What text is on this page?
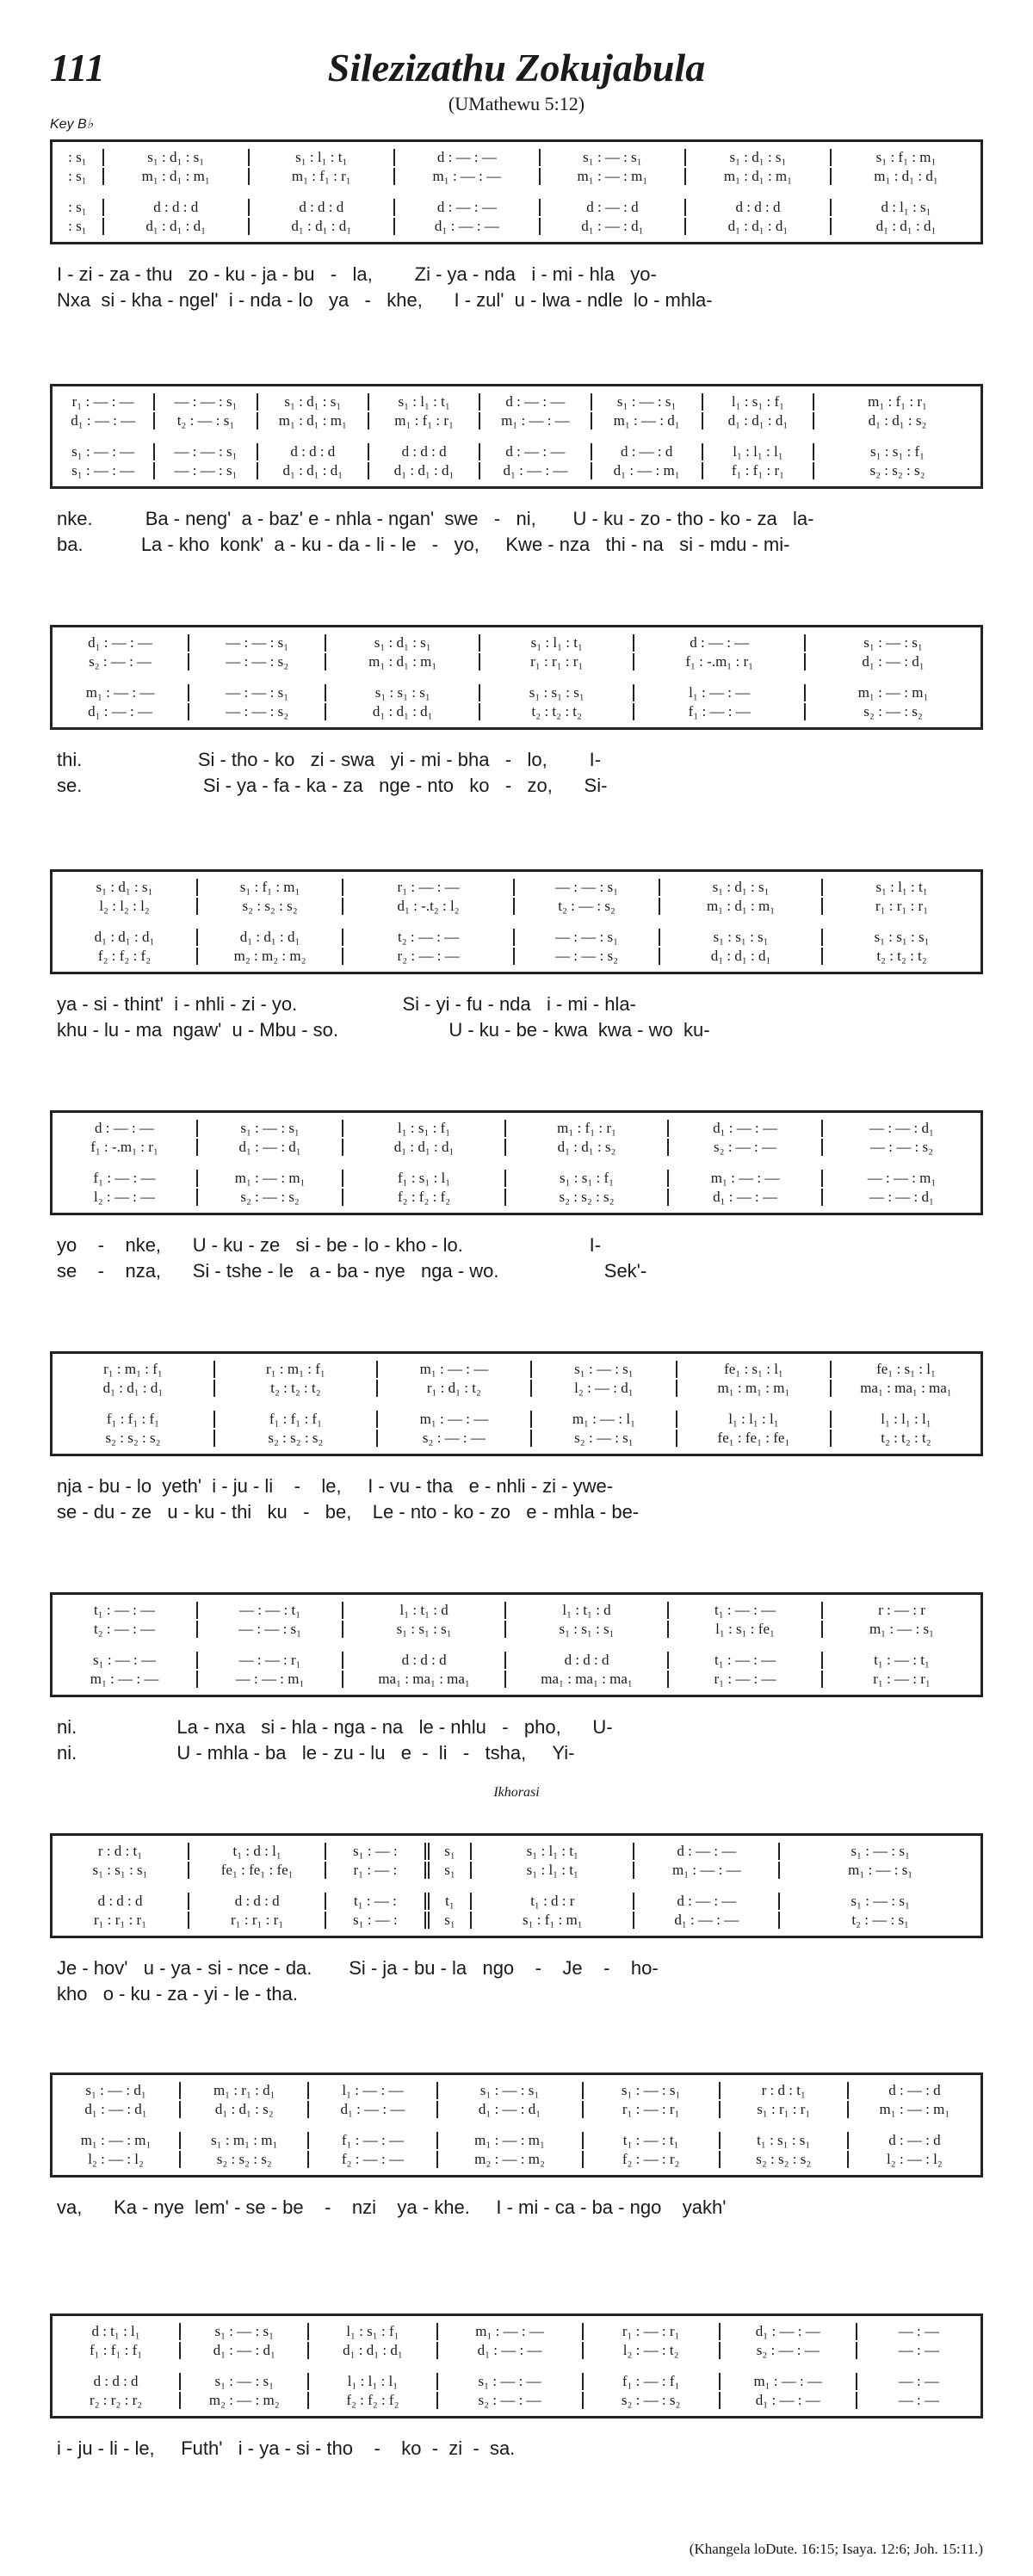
111	Silezizathu Zokujabula
(UMathewu 5:12)
Key B♭
: s₁	s₁ : d₁ : s₁	s₁ : l₁ : t₁	d : — : —	s₁ : — : s₁	s₁ : d₁ : s₁	s₁ : f₁ : m₁
: s₁	m₁ : d₁ : m₁	m₁ : f₁ : r₁	m₁ : — : —	m₁ : — : m₁	m₁ : d₁ : m₁	m₁ : d₁ : d₁
: s₁	d : d : d	d : d : d	d : — : —	d : — : d	d : d : d	d : l₁ : s₁
: s₁	d₁ : d₁ : d₁	d₁ : d₁ : d₁	d₁ : — : —	d₁ : — : d₁	d₁ : d₁ : d₁	d₁ : d₁ : d₁
I - zi - za - thu   zo - ku - ja - bu   -   la,        Zi - ya - nda   i - mi - hla   yo-
Nxa  si - kha - ngel'  i - nda - lo   ya   -   khe,      I - zul'  u - lwa - ndle  lo - mhla-
r₁ : — : —	— : — : s₁	s₁ : d₁ : s₁	s₁ : l₁ : t₁	d : — : —	s₁ : — : s₁	l₁ : s₁ : f₁	m₁ : f₁ : r₁
d₁ : — : —	t₂ : — : s₁	m₁ : d₁ : m₁	m₁ : f₁ : r₁	m₁ : — : —	m₁ : — : d₁	d₁ : d₁ : d₁	d₁ : d₁ : s₂
s₁ : — : —	— : — : s₁	d : d : d	d : d : d	d : — : —	d : — : d	l₁ : l₁ : l₁	s₁ : s₁ : f₁
s₁ : — : —	— : — : s₁	d₁ : d₁ : d₁	d₁ : d₁ : d₁	d₁ : — : —	d₁ : — : m₁	f₁ : f₁ : r₁	s₂ : s₂ : s₂
nke.          Ba - neng'  a - baz' e - nhla - ngan'  swe   -   ni,       U - ku - zo - tho - ko - za   la-
ba.           La - kho  konk'  a - ku - da - li - le   -   yo,     Kwe - nza   thi - na   si - mdu - mi-
d₁ : — : —	— : — : s₁	s₁ : d₁ : s₁	s₁ : l₁ : t₁	d : — : —	s₁ : — : s₁
s₂ : — : —	— : — : s₂	m₁ : d₁ : m₁	r₁ : r₁ : r₁	f₁ : -.m₁ : r₁	d₁ : — : d₁
m₁ : — : —	— : — : s₁	s₁ : s₁ : s₁	s₁ : s₁ : s₁	l₁ : — : —	m₁ : — : m₁
d₁ : — : —	— : — : s₂	d₁ : d₁ : d₁	t₂ : t₂ : t₂	f₁ : — : —	s₂ : — : s₂
thi.                      Si - tho - ko   zi - swa   yi - mi - bha   -   lo,        I-
se.                       Si - ya - fa - ka - za   nge - nto   ko   -   zo,      Si-
s₁ : d₁ : s₁	s₁ : f₁ : m₁	r₁ : — : —	— : — : s₁	s₁ : d₁ : s₁	s₁ : l₁ : t₁
l₂ : l₂ : l₂	s₂ : s₂ : s₂	d₁ : -.t₂ : l₂	t₂ : — : s₂	m₁ : d₁ : m₁	r₁ : r₁ : r₁
d₁ : d₁ : d₁	d₁ : d₁ : d₁	t₂ : — : —	— : — : s₁	s₁ : s₁ : s₁	s₁ : s₁ : s₁
f₂ : f₂ : f₂	m₂ : m₂ : m₂	r₂ : — : —	— : — : s₂	d₁ : d₁ : d₁	t₂ : t₂ : t₂
ya - si - thint'  i - nhli - zi - yo.                    Si - yi - fu - nda   i - mi - hla-
khu - lu - ma  ngaw'  u - Mbu - so.                     U - ku - be - kwa  kwa - wo  ku-
d : — : —	s₁ : — : s₁	l₁ : s₁ : f₁	m₁ : f₁ : r₁	d₁ : — : —	— : — : d₁
f₁ : -.m₁ : r₁	d₁ : — : d₁	d₁ : d₁ : d₁	d₁ : d₁ : s₂	s₂ : — : —	— : — : s₂
f₁ : — : —	m₁ : — : m₁	f₁ : s₁ : l₁	s₁ : s₁ : f₁	m₁ : — : —	— : — : m₁
l₂ : — : —	s₂ : — : s₂	f₂ : f₂ : f₂	s₂ : s₂ : s₂	d₁ : — : —	— : — : d₁
yo    -    nke,      U - ku - ze   si - be - lo - kho - lo.                        I-
se    -    nza,      Si - tshe - le   a - ba - nye   nga - wo.                    Sek'-
r₁ : m₁ : f₁	r₁ : m₁ : f₁	m₁ : — : —	s₁ : — : s₁	fe₁ : s₁ : l₁	fe₁ : s₁ : l₁
d₁ : d₁ : d₁	t₂ : t₂ : t₂	r₁ : d₁ : t₂	l₂ : — : d₁	m₁ : m₁ : m₁	ma₁ : ma₁ : ma₁
f₁ : f₁ : f₁	f₁ : f₁ : f₁	m₁ : — : —	m₁ : — : l₁	l₁ : l₁ : l₁	l₁ : l₁ : l₁
s₂ : s₂ : s₂	s₂ : s₂ : s₂	s₂ : — : —	s₂ : — : s₁	fe₁ : fe₁ : fe₁	t₂ : t₂ : t₂
nja - bu - lo  yeth'  i - ju - li    -    le,     I - vu - tha   e - nhli - zi - ywe-
se - du - ze   u - ku - thi   ku   -   be,    Le - nto - ko - zo   e - mhla - be-
t₁ : — : —	— : — : t₁	l₁ : t₁ : d	l₁ : t₁ : d	t₁ : — : —	r : — : r
t₂ : — : —	— : — : s₁	s₁ : s₁ : s₁	s₁ : s₁ : s₁	l₁ : s₁ : fe₁	m₁ : — : s₁
s₁ : — : —	— : — : r₁	d : d : d	d : d : d	t₁ : — : —	t₁ : — : t₁
m₁ : — : —	— : — : m₁	ma₁ : ma₁ : ma₁	ma₁ : ma₁ : ma₁	r₁ : — : —	r₁ : — : r₁
ni.                   La - nxa   si - hla - nga - na   le - nhlu   -   pho,      U-
ni.                   U - mhla - ba   le - zu - lu   e  -  li   -   tsha,     Yi-
r : d : t₁	t₁ : d : l₁	s₁ : — :	s₁	s₁ : l₁ : t₁	d : — : —	s₁ : — : s₁
s₁ : s₁ : s₁	fe₁ : fe₁ : fe₁	r₁ : — :	s₁	s₁ : l₁ : t₁	m₁ : — : —	m₁ : — : s₁
d : d : d	d : d : d	t₁ : — :	t₁	t₁ : d : r	d : — : —	s₁ : — : s₁
r₁ : r₁ : r₁	r₁ : r₁ : r₁	s₁ : — :	s₁	s₁ : f₁ : m₁	d₁ : — : —	t₂ : — : s₁
Je - hov'   u - ya - si - nce - da.       Si - ja - bu - la   ngo    -    Je    -    ho-
kho   o - ku - za - yi - le - tha.
s₁ : — : d₁	m₁ : r₁ : d₁	l₁ : — : —	s₁ : — : s₁	s₁ : — : s₁	r : d : t₁	d : — : d
d₁ : — : d₁	d₁ : d₁ : s₂	d₁ : — : —	d₁ : — : d₁	r₁ : — : r₁	s₁ : r₁ : r₁	m₁ : — : m₁
m₁ : — : m₁	s₁ : m₁ : m₁	f₁ : — : —	m₁ : — : m₁	t₁ : — : t₁	t₁ : s₁ : s₁	d : — : d
l₂ : — : l₂	s₂ : s₂ : s₂	f₂ : — : —	m₂ : — : m₂	f₂ : — : r₂	s₂ : s₂ : s₂	l₂ : — : l₂
va,      Ka - nye  lem' - se - be    -    nzi    ya - khe.     I - mi - ca - ba - ngo    yakh'
d : t₁ : l₁	s₁ : — : s₁	l₁ : s₁ : f₁	m₁ : — : —	r₁ : — : r₁	d₁ : — : —	— : —
f₁ : f₁ : f₁	d₁ : — : d₁	d₁ : d₁ : d₁	d₁ : — : —	l₂ : — : t₂	s₂ : — : —	— : —
d : d : d	s₁ : — : s₁	l₁ : l₁ : l₁	s₁ : — : —	f₁ : — : f₁	m₁ : — : —	— : —
r₂ : r₂ : r₂	m₂ : — : m₂	f₂ : f₂ : f₂	s₂ : — : —	s₂ : — : s₂	d₁ : — : —	— : —
i - ju - li - le,     Futh'   i - ya - si - tho    -    ko  -  zi  -  sa.
Ikhorasi
(Khangela loDute. 16:15; Isaya. 12:6; Joh. 15:11.)
